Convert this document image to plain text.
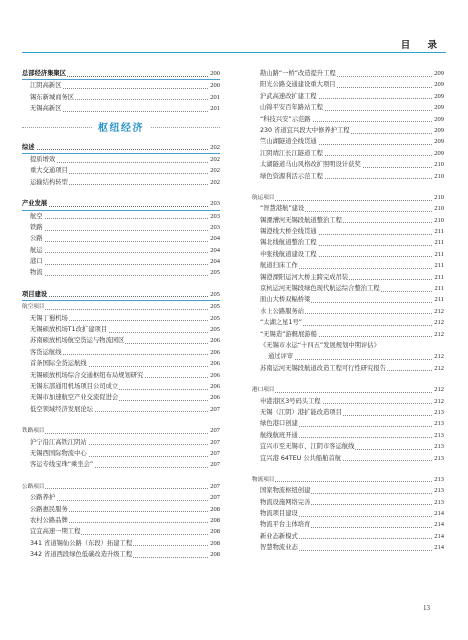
目 录
总部经济集聚区	200
江阴高新区	200
锡东新城商务区	201
无锡高新区	201
枢纽经济
综述	202
提质增效	202
重大交通项目	202
运输结构转型	202
产业发展	203
航空	203
铁路	203
公路	204
航运	204
港口	204
物流	205
项目建设	205
航空项目	205
无锡丁蜀机场	205
无锡硕放机场T1改扩建项目	205
苏南硕放机场航空货运与物流园区	206
客货运航线	206
首条国际全货运航线	206
无锡硕放机场综合交通枢纽布局规划研究	206
无锡东部通用机场项目公司成立	206
无锡市加速航空产业交流促进会	206
低空领域经济发展论坛	207
铁路项目	207
沪宁沿江高铁江阴站	207
无锡西国际物流中心	207
客运专线宝珠“乘坐会”	207
公路项目	207
公路养护	207
公路惠民服务	208
农村公路品牌	208
宜宜高速一期工程	208
341 省道锡仙公路（东段）拓建工程	208
342 省道西段绿色低碳改造升级工程	208
勘山路“一桥”改造提升工程	209
阳光公路交通建设重大项目	209
沪武高速改扩建工程	209
山锦平安百年路站工程	209
“科技兴安”示范路	209
230 省道宜兴段大中修养护工程	209
竺山湖隧道全线贯通	209
江阴靖江长江隧道工程	209
太湖隧道马山风格改扩照明设计获奖	210
绿色资源利活示范工程	210
航运项目	210
“智慧港航”建设	210
锡溧漕河无锡段航道整治工程	210
锡澄线大桥全线贯通	211
锡北线航道整治工程	211
申张线航道建设工程	211
航道扫床工作	211
锡澄溧阳运河大桥主跨完成吊装	211
京杭运河无锡段绿色现代航运综合整治工程	211
面山大桥双幅桥梁	211
水上公路服务站	212
“太湖之星1号”	212
“无锡造”游艇展游船	212
《无锡市水运“十四五”发展规划中期评估》
通过评审	212
苏南运河无锡段航道改造工程可行性研究报告	212
港口项目	212
申港港区3号码头工程	212
无锡（江阴）港扩能改造项目	213
绿色港口创建	213
航线航班开通	213
宜兴市至无锡市、江阴市客运航线	213
宜兴港 64TEU 公共船舶首航	213
物流项目	213
国家物流枢纽创建	213
物流设施网络完善	213
物流项目建设	214
物流平台主体培育	214
新业态新模式	214
智慧物流业态	214
13
